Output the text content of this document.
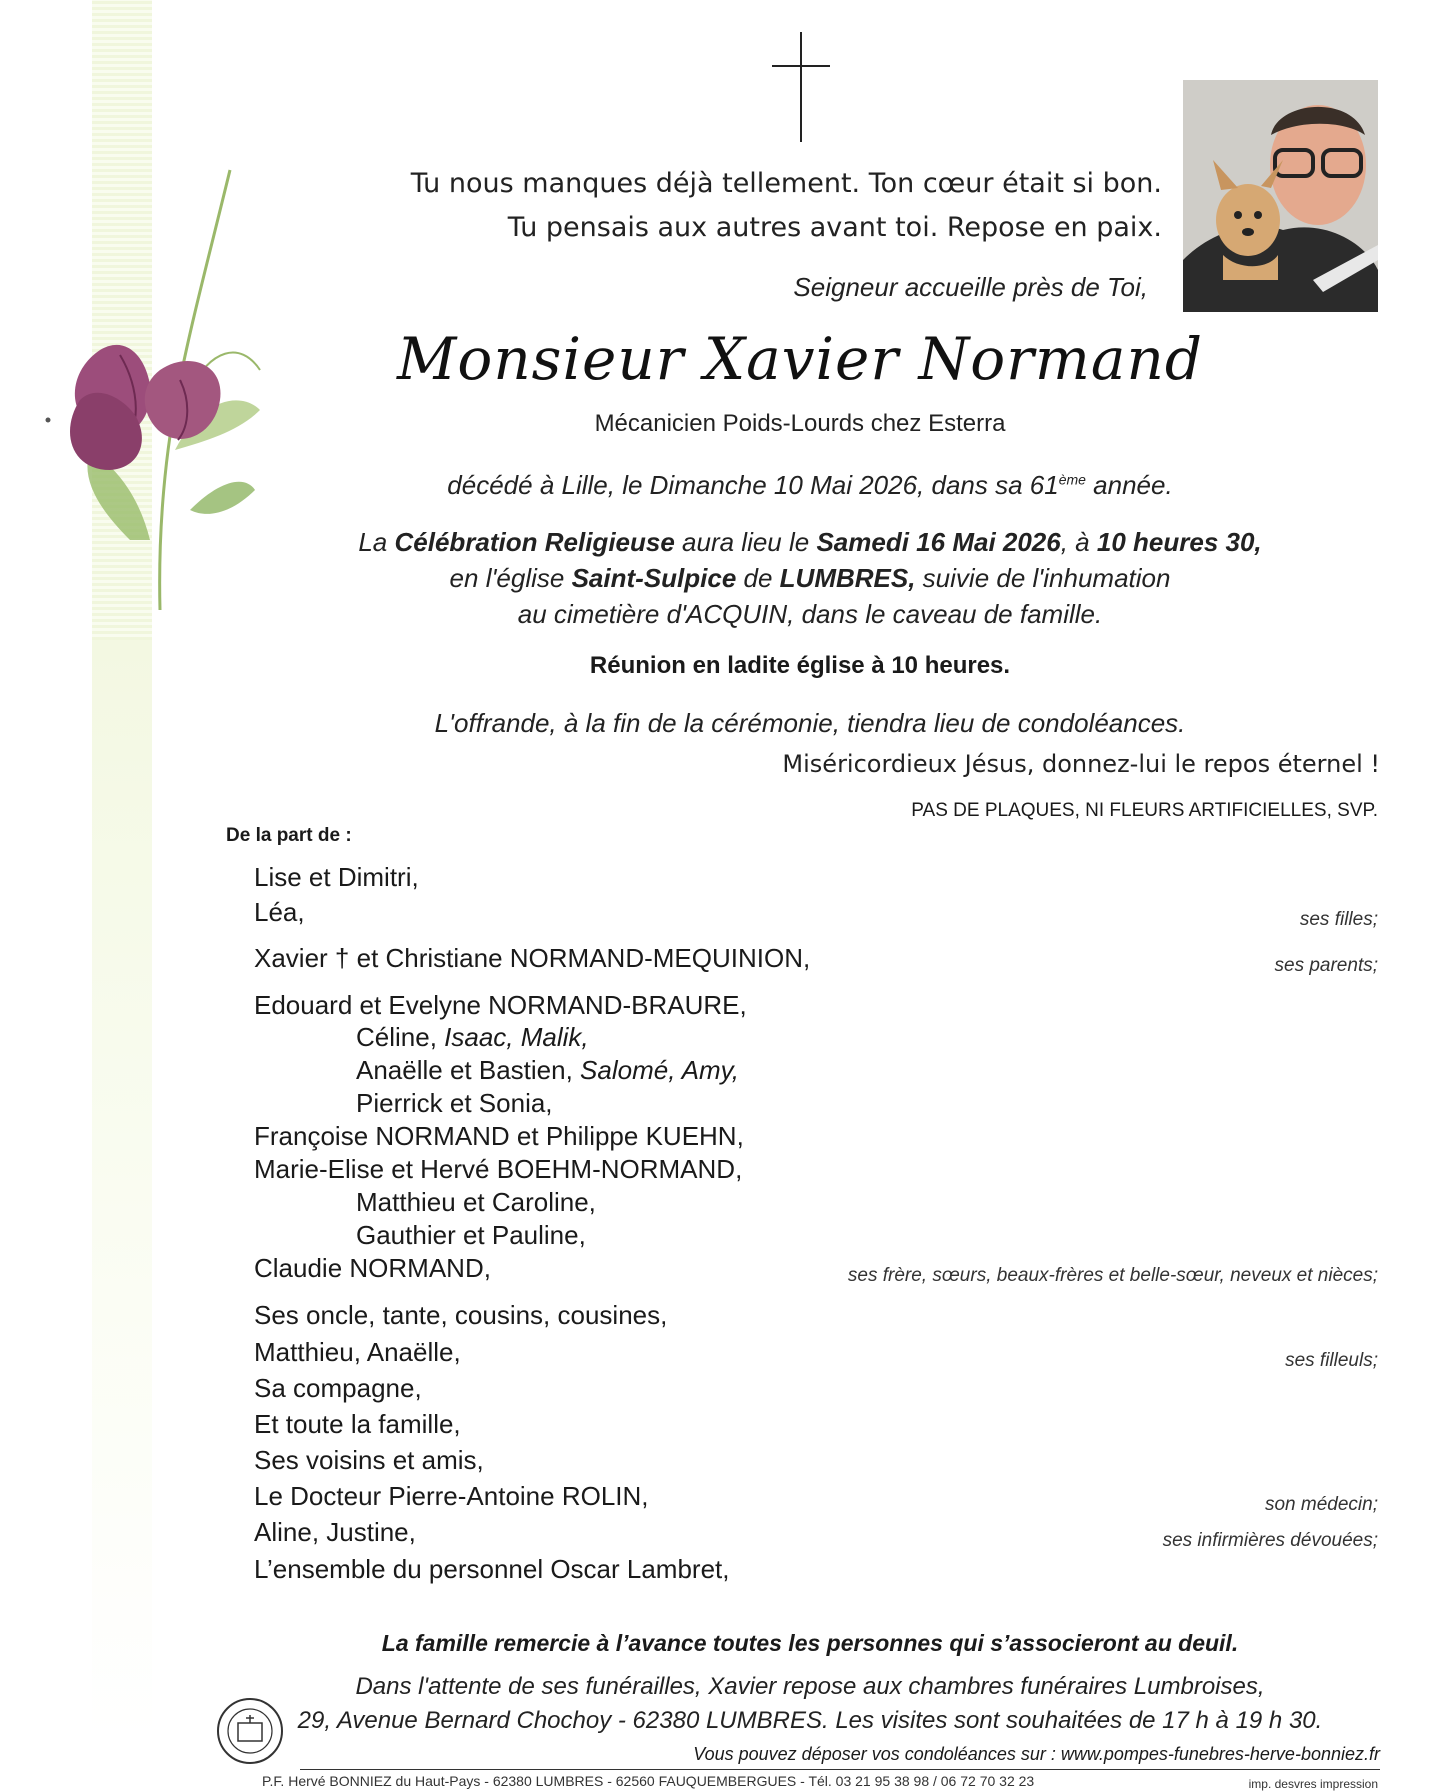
Tu nous manques déjà tellement. Ton cœur était si bon.
Tu pensais aux autres avant toi. Repose en paix.
Seigneur accueille près de Toi,
Monsieur Xavier Normand
Mécanicien Poids-Lourds chez Esterra
décédé à Lille, le Dimanche 10 Mai 2026, dans sa 61ème année.
La Célébration Religieuse aura lieu le Samedi 16 Mai 2026, à 10 heures 30,
en l'église Saint-Sulpice de LUMBRES, suivie de l'inhumation
au cimetière d'ACQUIN, dans le caveau de famille.
Réunion en ladite église à 10 heures.
L'offrande, à la fin de la cérémonie, tiendra lieu de condoléances.
Miséricordieux Jésus, donnez-lui le repos éternel !
PAS DE PLAQUES, NI FLEURS ARTIFICIELLES, SVP.
De la part de :
Lise et Dimitri,
Léa,	ses filles;
Xavier † et Christiane NORMAND-MEQUINION,	ses parents;
Edouard et Evelyne NORMAND-BRAURE,
Céline, Isaac, Malik,
Anaëlle et Bastien, Salomé, Amy,
Pierrick et Sonia,
Françoise NORMAND et Philippe KUEHN,
Marie-Elise et Hervé BOEHM-NORMAND,
Matthieu et Caroline,
Gauthier et Pauline,
Claudie NORMAND,	ses frère, sœurs, beaux-frères et belle-sœur, neveux et nièces;
Ses oncle, tante, cousins, cousines,
Matthieu, Anaëlle,	ses filleuls;
Sa compagne,
Et toute la famille,
Ses voisins et amis,
Le Docteur Pierre-Antoine ROLIN,	son médecin;
Aline, Justine,	ses infirmières dévouées;
L’ensemble du personnel Oscar Lambret,
La famille remercie à l’avance toutes les personnes qui s’associeront au deuil.
Dans l'attente de ses funérailles, Xavier repose aux chambres funéraires Lumbroises,
29, Avenue Bernard Chochoy - 62380 LUMBRES. Les visites sont souhaitées de 17 h à 19 h 30.
Vous pouvez déposer vos condoléances sur : www.pompes-funebres-herve-bonniez.fr
P.F. Hervé BONNIEZ du Haut-Pays - 62380 LUMBRES - 62560 FAUQUEMBERGUES - Tél. 03 21 95 38 98 / 06 72 70 32 23	imp. desvres impression
